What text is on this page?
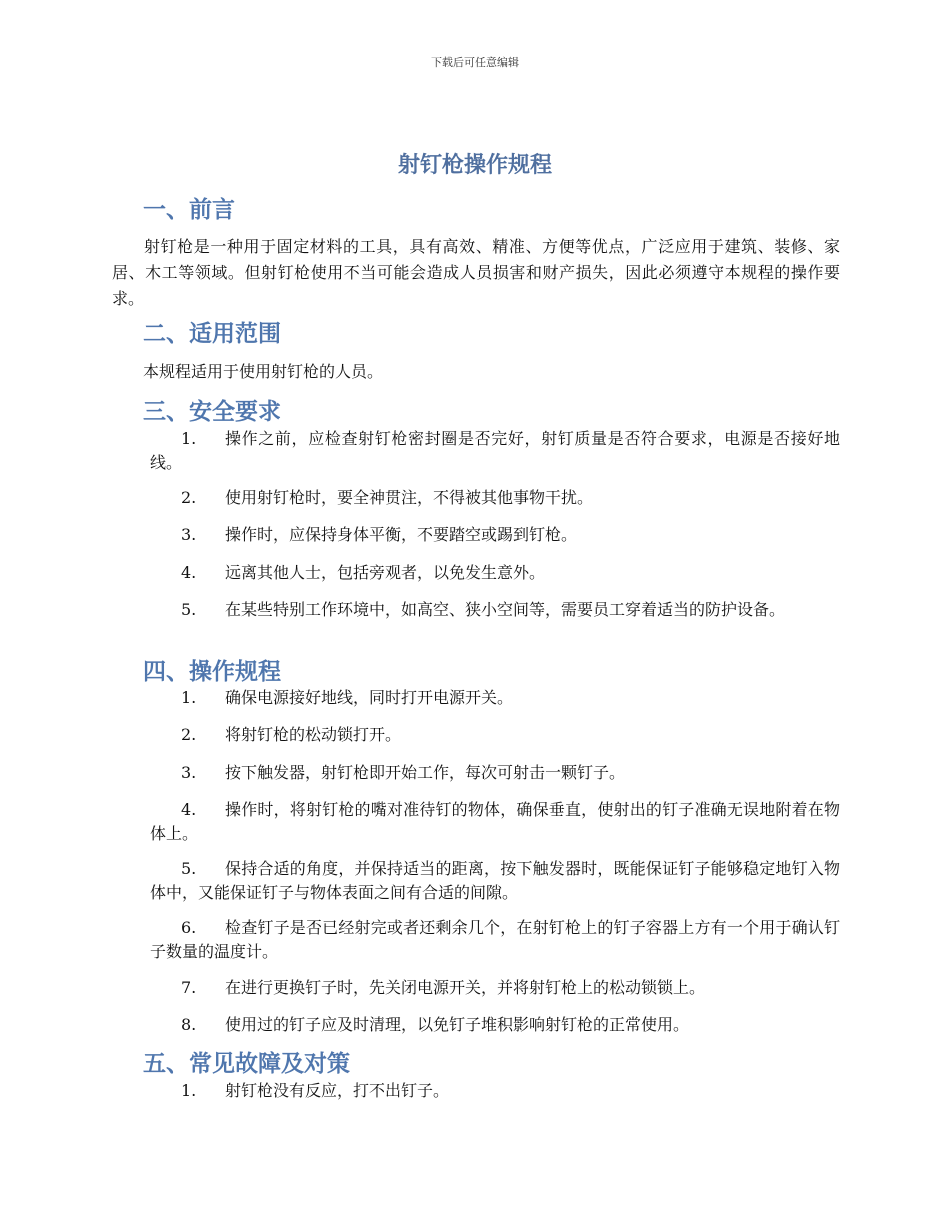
下载后可任意编辑
射钉枪操作规程
一、前言
射钉枪是一种用于固定材料的工具，具有高效、精准、方便等优点，广泛应用于建筑、装修、家居、木工等领域。但射钉枪使用不当可能会造成人员损害和财产损失，因此必须遵守本规程的操作要求。
二、适用范围
本规程适用于使用射钉枪的人员。
三、安全要求
1.	操作之前，应检查射钉枪密封圈是否完好，射钉质量是否符合要求，电源是否接好地线。
2.	使用射钉枪时，要全神贯注，不得被其他事物干扰。
3.	操作时，应保持身体平衡，不要踏空或踢到钉枪。
4.	远离其他人士，包括旁观者，以免发生意外。
5.	在某些特别工作环境中，如高空、狭小空间等，需要员工穿着适当的防护设备。
四、操作规程
1.	确保电源接好地线，同时打开电源开关。
2.	将射钉枪的松动锁打开。
3.	按下触发器，射钉枪即开始工作，每次可射击一颗钉子。
4.	操作时，将射钉枪的嘴对准待钉的物体，确保垂直，使射出的钉子准确无误地附着在物体上。
5.	保持合适的角度，并保持适当的距离，按下触发器时，既能保证钉子能够稳定地钉入物体中，又能保证钉子与物体表面之间有合适的间隙。
6.	检查钉子是否已经射完或者还剩余几个，在射钉枪上的钉子容器上方有一个用于确认钉子数量的温度计。
7.	在进行更换钉子时，先关闭电源开关，并将射钉枪上的松动锁锁上。
8.	使用过的钉子应及时清理，以免钉子堆积影响射钉枪的正常使用。
五、常见故障及对策
1.	射钉枪没有反应，打不出钉子。
